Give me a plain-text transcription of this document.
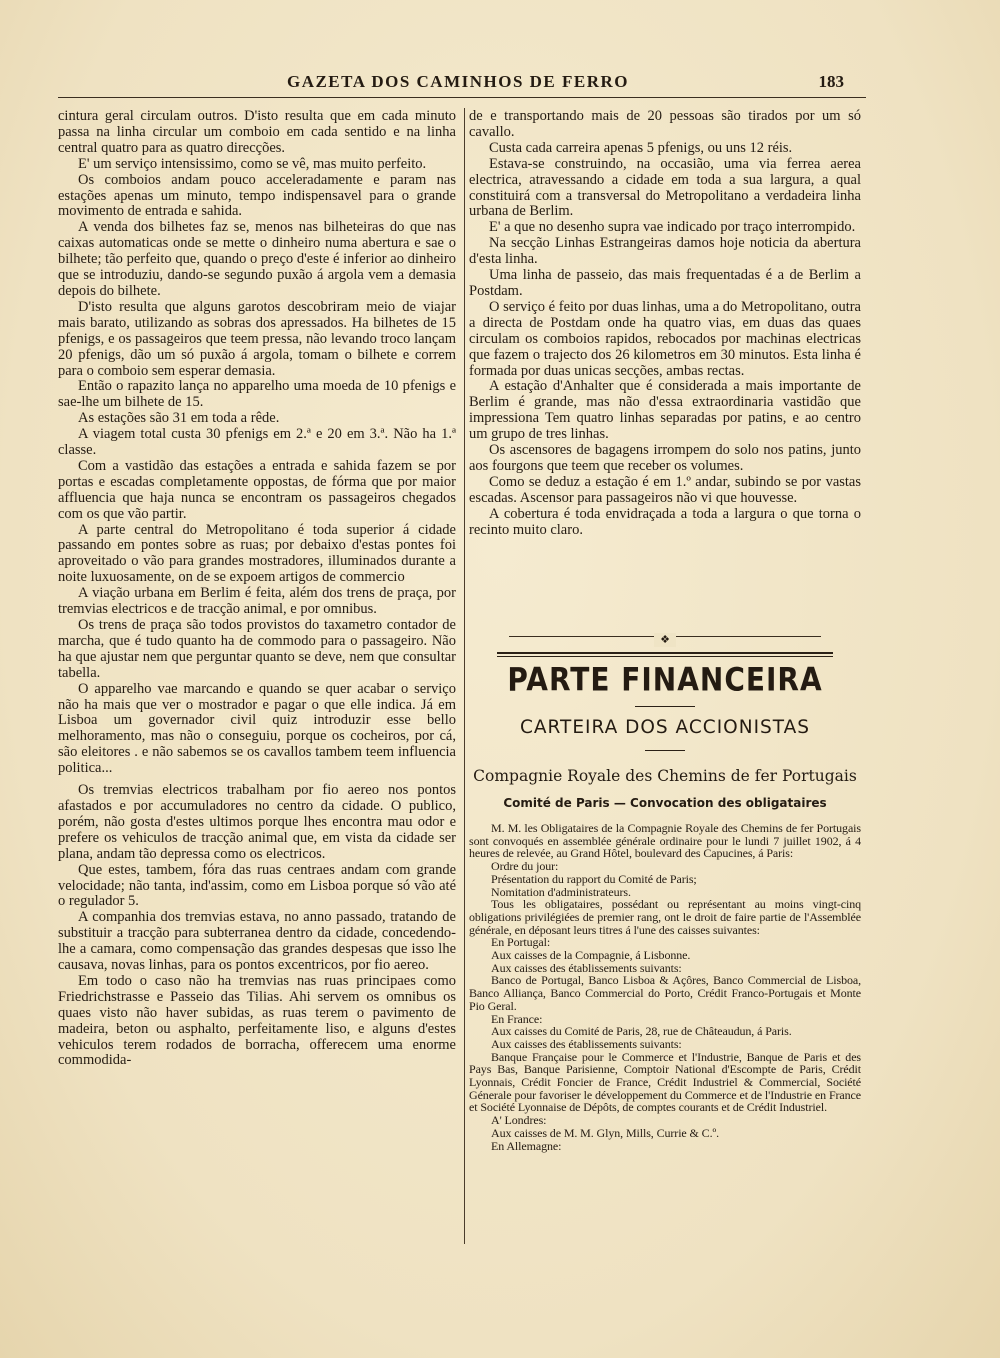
GAZETA DOS CAMINHOS DE FERRO	183

cintura geral circulam outros. D'isto resulta que em cada minuto passa na linha circular um comboio em cada sentido e na linha central quatro para as quatro direcções.

E' um serviço intensissimo, como se vê, mas muito perfeito.

Os comboios andam pouco acceleradamente e param nas estações apenas um minuto, tempo indispensavel para o grande movimento de entrada e sahida.

A venda dos bilhetes faz se, menos nas bilheteiras do que nas caixas automaticas onde se mette o dinheiro numa abertura e sae o bilhete; tão perfeito que, quando o preço d'este é inferior ao dinheiro que se introduziu, dando-se segundo puxão á argola vem a demasia depois do bilhete.

D'isto resulta que alguns garotos descobriram meio de viajar mais barato, utilizando as sobras dos apressados. Ha bilhetes de 15 pfenigs, e os passageiros que teem pressa, não levando troco lançam 20 pfenigs, dão um só puxão á argola, tomam o bilhete e correm para o comboio sem esperar demasia.

Então o rapazito lança no apparelho uma moeda de 10 pfenigs e sae-lhe um bilhete de 15.

As estações são 31 em toda a rêde.

A viagem total custa 30 pfenigs em 2.ª e 20 em 3.ª. Não ha 1.ª classe.

Com a vastidão das estações a entrada e sahida fazem se por portas e escadas completamente oppostas, de fórma que por maior affluencia que haja nunca se encontram os passageiros chegados com os que vão partir.

A parte central do Metropolitano é toda superior á cidade passando em pontes sobre as ruas; por debaixo d'estas pontes foi aproveitado o vão para grandes mostradores, illuminados durante a noite luxuosamente, on de se expoem artigos de commercio

A viação urbana em Berlim é feita, além dos trens de praça, por tremvias electricos e de tracção animal, e por omnibus.

Os trens de praça são todos provistos do taxametro contador de marcha, que é tudo quanto ha de commodo para o passageiro. Não ha que ajustar nem que perguntar quanto se deve, nem que consultar tabella.

O apparelho vae marcando e quando se quer acabar o serviço não ha mais que ver o mostrador e pagar o que elle indica. Já em Lisboa um governador civil quiz introduzir esse bello melhoramento, mas não o conseguiu, porque os cocheiros, por cá, são eleitores . e não sabemos se os cavallos tambem teem influencia politica...

Os tremvias electricos trabalham por fio aereo nos pontos afastados e por accumuladores no centro da cidade. O publico, porém, não gosta d'estes ultimos porque lhes encontra mau odor e prefere os vehiculos de tracção animal que, em vista da cidade ser plana, andam tão depressa como os electricos.

Que estes, tambem, fóra das ruas centraes andam com grande velocidade; não tanta, ind'assim, como em Lisboa porque só vão até o regulador 5.

A companhia dos tremvias estava, no anno passado, tratando de substituir a tracção para subterranea dentro da cidade, concedendo-lhe a camara, como compensação das grandes despesas que isso lhe causava, novas linhas, para os pontos excentricos, por fio aereo.

Em todo o caso não ha tremvias nas ruas principaes como Friedrichstrasse e Passeio das Tilias. Ahi servem os omnibus os quaes visto não haver subidas, as ruas terem o pavimento de madeira, beton ou asphalto, perfeitamente liso, e alguns d'estes vehiculos terem rodados de borracha, offerecem uma enorme commodida-

de e transportando mais de 20 pessoas são tirados por um só cavallo.

Custa cada carreira apenas 5 pfenigs, ou uns 12 réis.

Estava-se construindo, na occasião, uma via ferrea aerea electrica, atravessando a cidade em toda a sua largura, a qual constituirá com a transversal do Metropolitano a verdadeira linha urbana de Berlim.

E' a que no desenho supra vae indicado por traço interrompido.

Na secção Linhas Estrangeiras damos hoje noticia da abertura d'esta linha.

Uma linha de passeio, das mais frequentadas é a de Berlim a Postdam.

O serviço é feito por duas linhas, uma a do Metropolitano, outra a directa de Postdam onde ha quatro vias, em duas das quaes circulam os comboios rapidos, rebocados por machinas electricas que fazem o trajecto dos 26 kilometros em 30 minutos. Esta linha é formada por duas unicas secções, ambas rectas.

A estação d'Anhalter que é considerada a mais importante de Berlim é grande, mas não d'essa extraordinaria vastidão que impressiona Tem quatro linhas separadas por patins, e ao centro um grupo de tres linhas.

Os ascensores de bagagens irrompem do solo nos patins, junto aos fourgons que teem que receber os volumes.

Como se deduz a estação é em 1.º andar, subindo se por vastas escadas. Ascensor para passageiros não vi que houvesse.

A cobertura é toda envidraçada a toda a largura o que torna o recinto muito claro.

❖
PARTE FINANCEIRA
CARTEIRA DOS ACCIONISTAS
Compagnie Royale des Chemins de fer Portugais
Comité de Paris — Convocation des obligataires

M. M. les Obligataires de la Compagnie Royale des Chemins de fer Portugais sont convoqués en assemblée générale ordinaire pour le lundi 7 juillet 1902, á 4 heures de relevée, au Grand Hôtel, boulevard des Capucines, á Paris:

Ordre du jour:

Présentation du rapport du Comité de Paris;

Nomitation d'administrateurs.

Tous les obligataires, possédant ou représentant au moins vingt-cinq obligations privilégiées de premier rang, ont le droit de faire partie de l'Assemblée générale, en déposant leurs titres á l'une des caisses suivantes:

En Portugal:

Aux caisses de la Compagnie, á Lisbonne.

Aux caisses des établissements suivants:

Banco de Portugal, Banco Lisboa & Açôres, Banco Commercial de Lisboa, Banco Alliança, Banco Commercial do Porto, Crédit Franco-Portugais et Monte Pio Geral.

En France:

Aux caisses du Comité de Paris, 28, rue de Châteaudun, á Paris.

Aux caisses des établissements suivants:

Banque Française pour le Commerce et l'Industrie, Banque de Paris et des Pays Bas, Banque Parisienne, Comptoir National d'Escompte de Paris, Crédit Lyonnais, Crédit Foncier de France, Crédit Industriel & Commercial, Société Génerale pour favoriser le développement du Commerce et de l'Industrie en France et Société Lyonnaise de Dépôts, de comptes courants et de Crédit Industriel.

A' Londres:

Aux caisses de M. M. Glyn, Mills, Currie & C.º.

En Allemagne:
